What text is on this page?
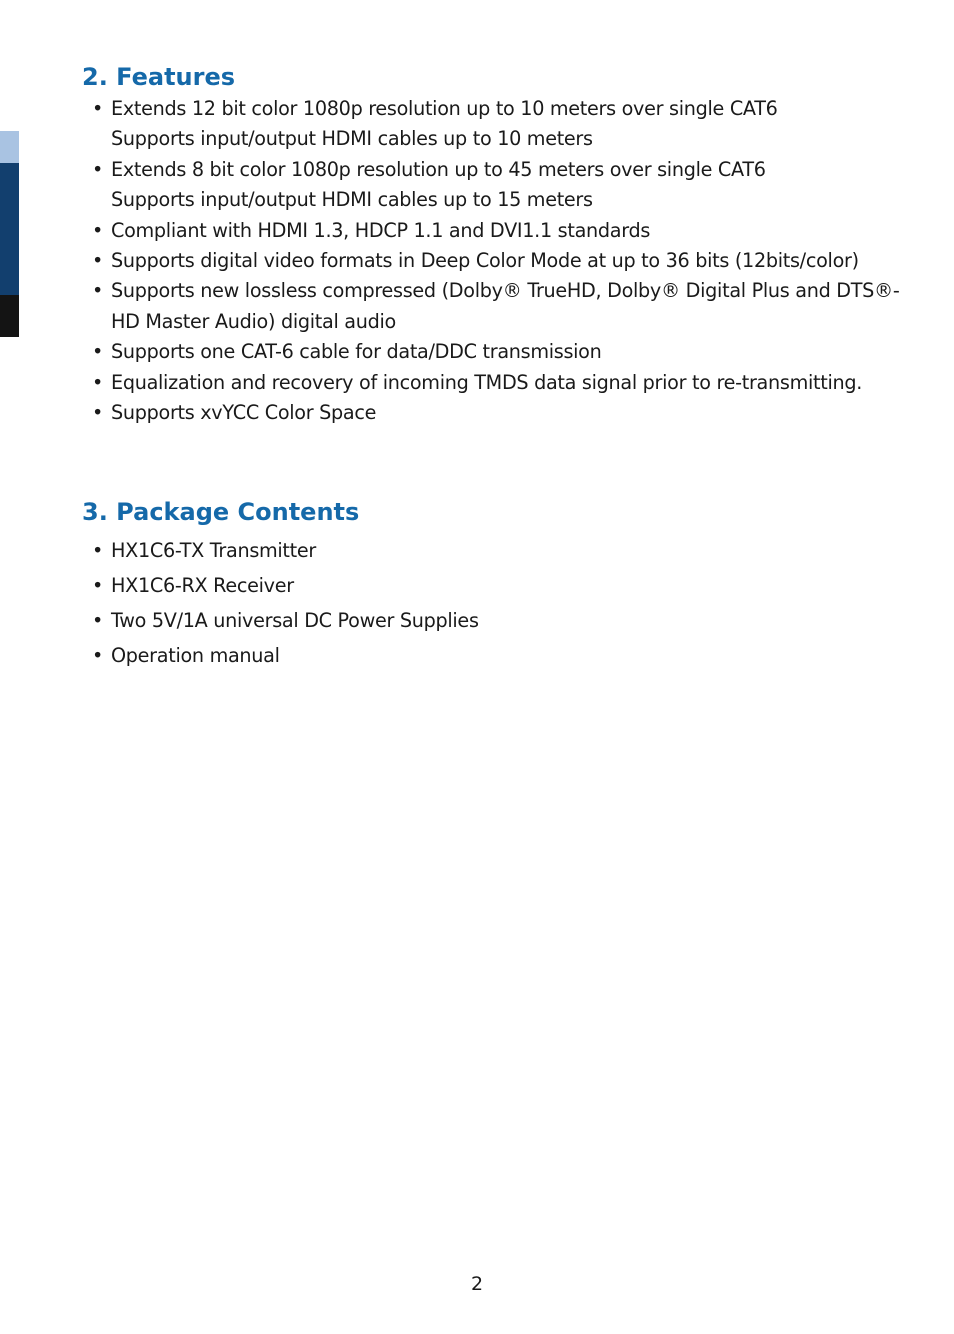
2. Features
• Extends 12 bit color 1080p resolution up to 10 meters over single CAT6
Supports input/output HDMI cables up to 10 meters
• Extends 8 bit color 1080p resolution up to 45 meters over single CAT6
Supports input/output HDMI cables up to 15 meters
• Compliant with HDMI 1.3, HDCP 1.1 and DVI1.1 standards
• Supports digital video formats in Deep Color Mode at up to 36 bits (12bits/color)
• Supports new lossless compressed (Dolby® TrueHD, Dolby® Digital Plus and DTS®-
HD Master Audio) digital audio
• Supports one CAT-6 cable for data/DDC transmission
• Equalization and recovery of incoming TMDS data signal prior to re-transmitting.
• Supports xvYCC Color Space
3. Package Contents
• HX1C6-TX Transmitter
• HX1C6-RX Receiver
• Two 5V/1A universal DC Power Supplies
• Operation manual
2
